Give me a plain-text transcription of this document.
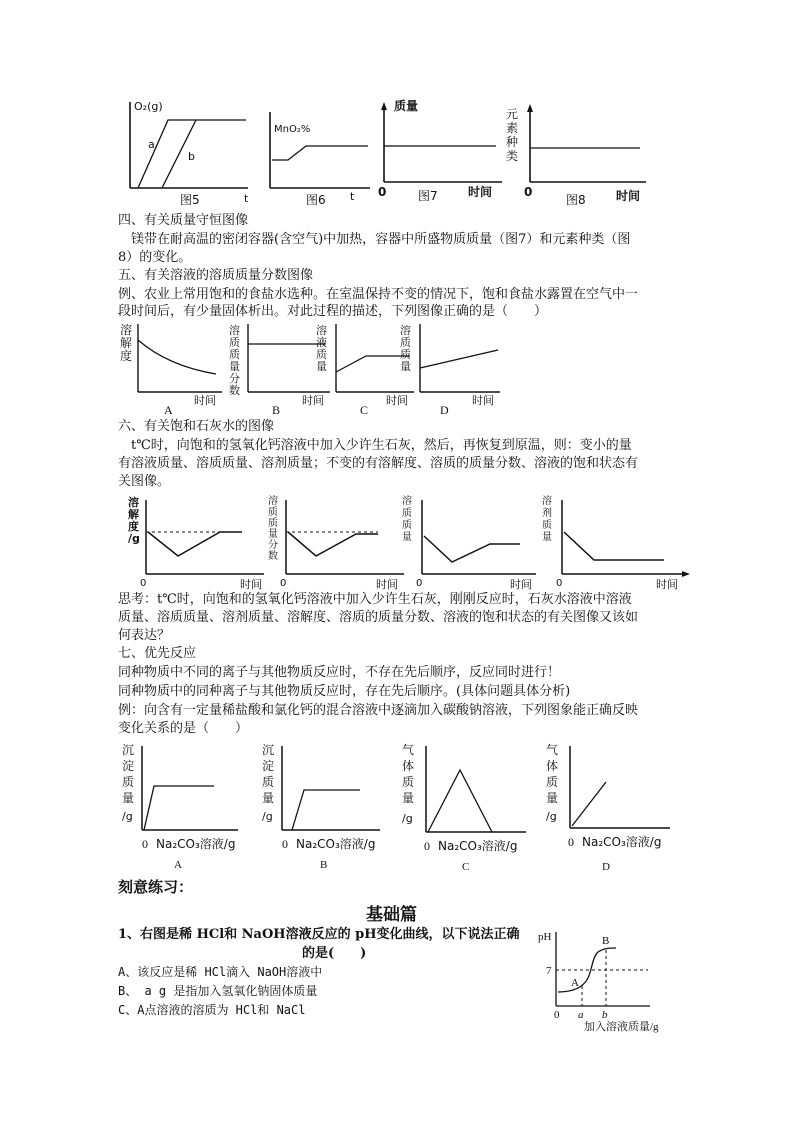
O₂(g)
a
b
t
图5
MnO₂%
t
图6
质量
0	时间
图7
元
素
种
类
0	时间
图8
四、有关质量守恒图像
镁带在耐高温的密闭容器(含空气)中加热，容器中所盛物质质量（图7）和元素种类（图
8）的变化。
五、有关溶液的溶质质量分数图像
例、农业上常用饱和的食盐水选种。在室温保持不变的情况下，饱和食盐水露置在空气中一
段时间后，有少量固体析出。对此过程的描述，下列图像正确的是（　　）
溶
解
度
时间
A
溶
质
质
量
分
数
时间
B
溶
液
质
量
时间
C
溶
质
质
量
时间
D
六、有关饱和石灰水的图像
t℃时，向饱和的氢氧化钙溶液中加入少许生石灰，然后，再恢复到原温，则：变小的量
有溶液质量、溶质质量、溶剂质量；不变的有溶解度、溶质的质量分数、溶液的饱和状态有
关图像。
溶
解
度
/g
0	时间
溶
质
质
量
分
数
0	时间
溶
质
质
量
0	时间
溶
剂
质
量
0	时间
思考：t℃时，向饱和的氢氧化钙溶液中加入少许生石灰，刚刚反应时，石灰水溶液中溶液
质量、溶质质量、溶剂质量、溶解度、溶质的质量分数、溶液的饱和状态的有关图像又该如
何表达？
七、优先反应
同种物质中不同的离子与其他物质反应时，不存在先后顺序，反应同时进行！
同种物质中的同种离子与其他物质反应时，存在先后顺序。(具体问题具体分析)
例：向含有一定量稀盐酸和氯化钙的混合溶液中逐滴加入碳酸钠溶液，下列图象能正确反映
变化关系的是（　　）
沉
淀
质
量
/g
0 Na₂CO₃溶液/g
A
沉
淀
质
量
/g
0 Na₂CO₃溶液/g
B
气
体
质
量
/g
0 Na₂CO₃溶液/g
C
气
体
质
量
/g
0 Na₂CO₃溶液/g
D
刻意练习：
基础篇
1、右图是稀 HCl和 NaOH溶液反应的 pH变化曲线，以下说法正确
的是(　　)
A、该反应是稀 HCl滴入 NaOH溶液中
B、 a g 是指加入氢氧化钠固体质量
C、A点溶液的溶质为 HCl和 NaCl
pH
7
A
B
0 a b
加入溶液质量/g
